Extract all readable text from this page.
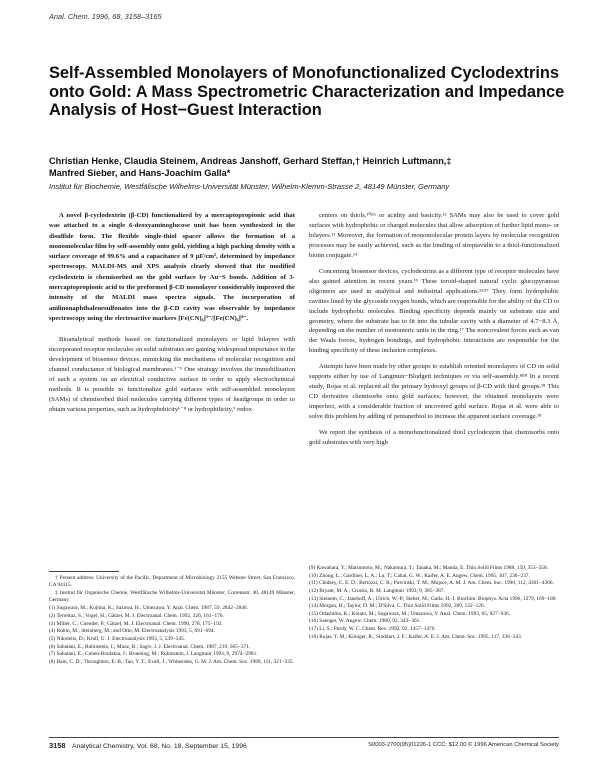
Anal. Chem. 1996, 68, 3158–3165
Self-Assembled Monolayers of Monofunctionalized Cyclodextrins onto Gold: A Mass Spectrometric Characterization and Impedance Analysis of Host−Guest Interaction
Christian Henke, Claudia Steinem, Andreas Janshoff, Gerhard Steffan,† Heinrich Luftmann,‡
Manfred Sieber, and Hans-Joachim Galla*
Institut für Biochemie, Westfälische Wilhelms-Universität Münster, Wilhelm-Klemm-Strasse 2, 48149 Münster, Germany

A novel β-cyclodextrin (β-CD) functionalized by a mercaptopropionic acid that was attached to a single 6-deoxyaminoglucose unit has been synthesized in the disulfide form. The flexible single-thiol spacer allows the formation of a monomolecular film by self-assembly onto gold, yielding a high packing density with a surface coverage of 99.6% and a capacitance of 9 μF/cm², determined by impedance spectroscopy. MALDI-MS and XPS analysis clearly showed that the modified cyclodextrin is chemisorbed on the gold surface by Au−S bonds. Addition of 3-mercaptopropionic acid to the preformed β-CD monolayer considerably improved the intensity of the MALDI mass spectra signals. The incorporation of anilinonaphthalenesulfonates into the β-CD cavity was observable by impedance spectroscopy using the electroactive markers [Fe(CN)₆]³⁻/[Fe(CN)₆]⁴⁻.

Bioanalytical methods based on functionalized monolayers or lipid bilayers with incorporated receptor molecules on solid substrates are gaining widespread importance in the development of biosensor devices, mimicking the mechanisms of molecular recognition and channel conductance of biological membranes.¹⁻⁵ One strategy involves the immobilization of such a system on an electrical conductive surface in order to apply electrochemical methods. It is possible to functionalize gold surfaces with self-assembled monolayers (SAMs) of chemisorbed thiol molecules carrying different types of headgroups in order to obtain various properties, such as hydrophobicity⁶⁻⁸ or hydrophilicity,⁹ redox

centers on thiols,¹⁰ʲ¹¹ or acidity and basicity.¹² SAMs may also be used to cover gold surfaces with hydrophobic or charged molecules that allow adsorption of further lipid mono- or bilayers.¹³ Moreover, the formation of monomolecular protein layers by molecular recognition processes may be easily achieved, such as the binding of streptavidin to a thiol-functionalized biotin conjugate.¹⁴

Concerning biosensor devices, cyclodextrins as a different type of receptor molecules have also gained attention in recent years.¹⁵ These toroid-shaped natural cyclic glucopyranose oligomers are used in analytical and industrial applications.¹⁶ʲ¹⁷ They form hydrophobic cavities lined by the glycoside oxygen bonds, which are responsible for the ability of the CD to include hydrophobic molecules. Binding specificity depends mainly on substrate size and geometry, where the substrate has to fit into the tubular cavity with a diameter of 4.7−8.3 Å, depending on the number of monomeric units in the ring.¹⁷ The noncovalent forces such as van der Waals forces, hydrogen bondings, and hydrophobic interactions are responsible for the binding specificity of these inclusion complexes.

Attempts have been made by other groups to establish oriented monolayers of CD on solid supports either by use of Langmuir−Blodgett techniques or via self-assembly.⁸ʲ¹⁸ In a recent study, Rojas et al. replaced all the primary hydroxyl groups of β-CD with thiol groups.¹⁸ This CD derivative chemisorbs onto gold surfaces; however, the obtained monolayers were imperfect, with a considerable fraction of uncovered gold surface. Rojas et al. were able to solve this problem by adding of pentanethiol to increase the apparent surface coverage.¹⁸

We report the synthesis of a monofunctionalized thiol cyclodextrin that chemisorbs onto gold substrates with very high

† Present address: University of the Pacific, Department of Microbiology 2155 Webster Street, San Francisco, CA 94115.

‡ Institut für Organische Chemie, Westfälische Wilhelms-Universität Münster, Corrensstr. 40, 48149 Münster, Germany.

(1) Sugawara, M.; Kojima, K.; Sazawa, H.; Umezawa, Y. Anal. Chem. 1987, 59, 2842−2846.

(2) Terrettaz, S.; Vogel, H.; Gätzel, M. J. Electroanal. Chem. 1992, 326, 161−176.

(3) Miller, C.; Cuendet, P.; Gätzel, M. J. Electroanal. Chem. 1990, 278, 175−192.

(4) Rubin, M.; Steinberg, M.; and Otto, M. Electroanalysis 1993, 5, 691−694.

(5) Nikolelis, D.; Krull, U. J. Electroanalysis 1993, 5, 539−545.

(6) Sabatani, E.; Rubinstein, I.; Maoz, R.; Sagiv, J. J. Electroanal. Chem. 1987, 219, 365−371.

(7) Sabatani, E.; Cohen-Boulakia, J.; Bruening, M.; Rubinstein, I. Langmuir 1993, 9, 2974−2981.

(8) Bain, C. D.; Throughton, E. B.; Tao, Y. T.; Evall, J.; Whitesides, G. M. J. Am. Chem. Soc. 1989, 111, 321−335.

(9) Kawahara, Y.; Matsumoto, M.; Nakamura, T.; Tanaka, M.; Manda, E. Thin Solid Films 1988, 159, 353−358.

(10) Zhong, L.; Gardiner, L. A.; Lu, T.; Cahal, G. W.; Kaifer, A. E. Angew. Chem. 1995, 107, 236−237.

(11) Chidsey, C. E. D.; Bertozzi, C. R.; Putvinski, T. M.; Mujsce, A. M. J. Am. Chem. Soc. 1990, 112, 4301−4306.

(12) Bryant, M. A.; Crooks, R. M. Langmuir 1993, 9, 385−387.

(13) Steinem, C.; Janshoff, A.; Ulrich, W.-P.; Sieber, M.; Galla, H.-J. Biochim. Biophys. Acta 1996, 1279, 169−180.

(14) Morgan, H.; Taylor, D. M.; D'Silva, C. Thin Solid Films 1992, 209, 122−126.

(15) Odashima, K.; Kotato, M.; Sugawara, M.; Umezawa, Y. Anal. Chem. 1993, 65, 927−936.

(16) Saenger, W. Angew. Chem. 1980, 92, 343−361.

(17) Li, S.; Purdy, W. C. Chem. Rev. 1992, 92, 1457−1470.

(18) Rojas, T. M.; Königer, R.; Stoddart, J. F.; Kaifer, A. E. J. Am. Chem. Soc. 1995, 117, 336−343.

3158 Analytical Chemistry, Vol. 68, No. 18, September 15, 1996	S0003-2700(95)01226-1 CCC: $12.00 © 1996 American Chemical Society
